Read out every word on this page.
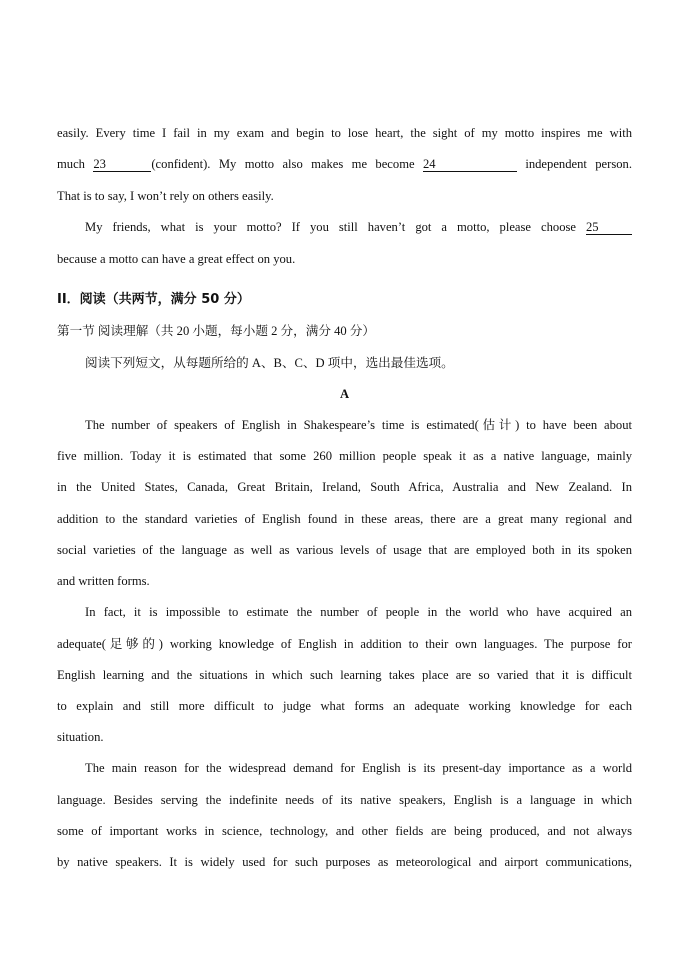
easily. Every time I fail in my exam and begin to lose heart, the sight of my motto inspires me with
much 23	(confident). My motto also makes me become 24	independent person.
That is to say, I won’t rely on others easily.
My friends, what is your motto? If you still haven’t got a motto, please choose 25
because a motto can have a great effect on you.
II．阅读（共两节，满分 50 分）
第一节 阅读理解（共 20 小题，每小题 2 分，满分 40 分）
阅读下列短文，从每题所给的 A、B、C、D 项中，选出最佳选项。
A
The number of speakers of English in Shakespeare’s time is estimated(估计) to have been about
five million. Today it is estimated that some 260 million people speak it as a native language, mainly
in the United States, Canada, Great Britain, Ireland, South Africa, Australia and New Zealand. In
addition to the standard varieties of English found in these areas, there are a great many regional and
social varieties of the language as well as various levels of usage that are employed both in its spoken
and written forms.
In fact, it is impossible to estimate the number of people in the world who have acquired an
adequate(足够的) working knowledge of English in addition to their own languages. The purpose for
English learning and the situations in which such learning takes place are so varied that it is difficult
to explain and still more difficult to judge what forms an adequate working knowledge for each
situation.
The main reason for the widespread demand for English is its present-day importance as a world
language. Besides serving the indefinite needs of its native speakers, English is a language in which
some of important works in science, technology, and other fields are being produced, and not always
by native speakers. It is widely used for such purposes as meteorological and airport communications,
